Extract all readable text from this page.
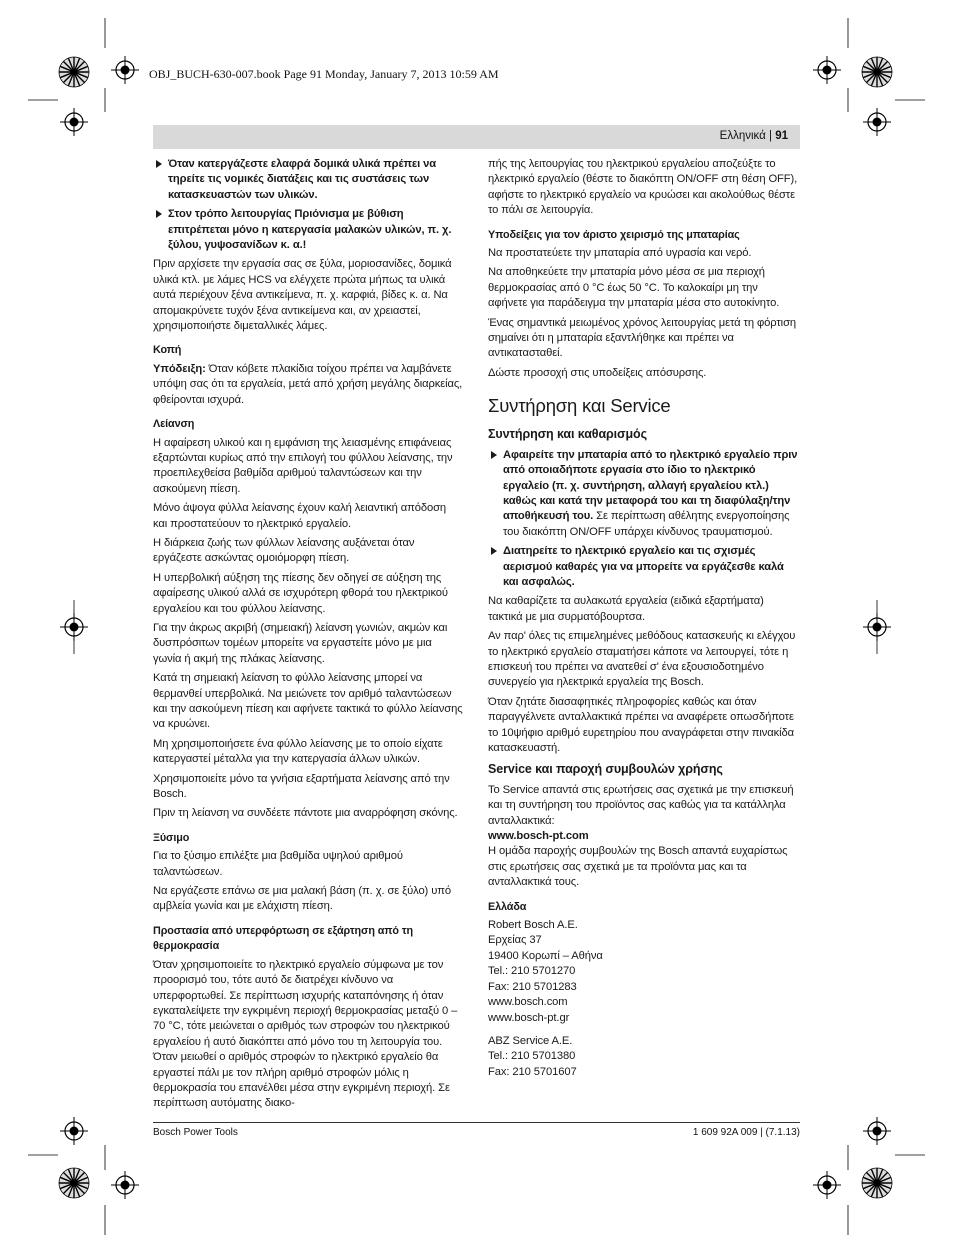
OBJ_BUCH-630-007.book Page 91 Monday, January 7, 2013 10:59 AM
Ελληνικά | 91
Όταν κατεργάζεστε ελαφρά δομικά υλικά πρέπει να τηρείτε τις νομικές διατάξεις και τις συστάσεις των κατασκευαστών των υλικών.
Στον τρόπο λειτουργίας Πριόνισμα με βύθιση επιτρέπεται μόνο η κατεργασία μαλακών υλικών, π. χ. ξύλου, γυψοσανίδων κ. α.!

Πριν αρχίσετε την εργασία σας σε ξύλα, μοριοσανίδες, δομικά υλικά κτλ. με λάμες HCS να ελέγχετε πρώτα μήπως τα υλικά αυτά περιέχουν ξένα αντικείμενα, π. χ. καρφιά, βίδες κ. α. Να απομακρύνετε τυχόν ξένα αντικείμενα και, αν χρειαστεί, χρησιμοποιήστε διμεταλλικές λάμες.

Κοπή

Υπόδειξη: Όταν κόβετε πλακίδια τοίχου πρέπει να λαμβάνετε υπόψη σας ότι τα εργαλεία, μετά από χρήση μεγάλης διαρκείας, φθείρονται ισχυρά.

Λείανση

Η αφαίρεση υλικού και η εμφάνιση της λειασμένης επιφάνειας εξαρτώνται κυρίως από την επιλογή του φύλλου λείανσης, την προεπιλεχθείσα βαθμίδα αριθμού ταλαντώσεων και την ασκούμενη πίεση.

Μόνο άψογα φύλλα λείανσης έχουν καλή λειαντική απόδοση και προστατεύουν το ηλεκτρικό εργαλείο.

Η διάρκεια ζωής των φύλλων λείανσης αυξάνεται όταν εργάζεστε ασκώντας ομοιόμορφη πίεση.

Η υπερβολική αύξηση της πίεσης δεν οδηγεί σε αύξηση της αφαίρεσης υλικού αλλά σε ισχυρότερη φθορά του ηλεκτρικού εργαλείου και του φύλλου λείανσης.

Για την άκρως ακριβή (σημειακή) λείανση γωνιών, ακμών και δυσπρόσιτων τομέων μπορείτε να εργαστείτε μόνο με μια γωνία ή ακμή της πλάκας λείανσης.

Κατά τη σημειακή λείανση το φύλλο λείανσης μπορεί να θερμανθεί υπερβολικά. Να μειώνετε τον αριθμό ταλαντώσεων και την ασκούμενη πίεση και αφήνετε τακτικά το φύλλο λείανσης να κρυώνει.

Μη χρησιμοποιήσετε ένα φύλλο λείανσης με το οποίο είχατε κατεργαστεί μέταλλα για την κατεργασία άλλων υλικών.

Χρησιμοποιείτε μόνο τα γνήσια εξαρτήματα λείανσης από την Bosch.

Πριν τη λείανση να συνδέετε πάντοτε μια αναρρόφηση σκόνης.

Ξύσιμο

Για το ξύσιμο επιλέξτε μια βαθμίδα υψηλού αριθμού ταλαντώσεων.

Να εργάζεστε επάνω σε μια μαλακή βάση (π. χ. σε ξύλο) υπό αμβλεία γωνία και με ελάχιστη πίεση.

Προστασία από υπερφόρτωση σε εξάρτηση από τη θερμοκρασία

Όταν χρησιμοποιείτε το ηλεκτρικό εργαλείο σύμφωνα με τον προορισμό του, τότε αυτό δε διατρέχει κίνδυνο να υπερφορτωθεί. Σε περίπτωση ισχυρής καταπόνησης ή όταν εγκαταλείψετε την εγκριμένη περιοχή θερμοκρασίας μεταξύ 0 – 70 °C, τότε μειώνεται ο αριθμός των στροφών του ηλεκτρικού εργαλείου ή αυτό διακόπτει από μόνο του τη λειτουργία του. Όταν μειωθεί ο αριθμός στροφών το ηλεκτρικό εργαλείο θα εργαστεί πάλι με τον πλήρη αριθμό στροφών μόλις η θερμοκρασία του επανέλθει μέσα στην εγκριμένη περιοχή. Σε περίπτωση αυτόματης διακο-

πής της λειτουργίας του ηλεκτρικού εργαλείου αποζεύξτε το ηλεκτρικό εργαλείο (θέστε το διακόπτη ON/OFF στη θέση OFF), αφήστε το ηλεκτρικό εργαλείο να κρυώσει και ακολούθως θέστε το πάλι σε λειτουργία.

Υποδείξεις για τον άριστο χειρισμό της μπαταρίας

Να προστατεύετε την μπαταρία από υγρασία και νερό.

Να αποθηκεύετε την μπαταρία μόνο μέσα σε μια περιοχή θερμοκρασίας από 0 °C έως 50 °C. Το καλοκαίρι μη την αφήνετε για παράδειγμα την μπαταρία μέσα στο αυτοκίνητο.

Ένας σημαντικά μειωμένος χρόνος λειτουργίας μετά τη φόρτιση σημαίνει ότι η μπαταρία εξαντλήθηκε και πρέπει να αντικατασταθεί.

Δώστε προσοχή στις υποδείξεις απόσυρσης.

Συντήρηση και Service
Συντήρηση και καθαρισμός
Αφαιρείτε την μπαταρία από το ηλεκτρικό εργαλείο πριν από οποιαδήποτε εργασία στο ίδιο το ηλεκτρικό εργαλείο (π. χ. συντήρηση, αλλαγή εργαλείου κτλ.) καθώς και κατά την μεταφορά του και τη διαφύλαξη/την αποθήκευσή του. Σε περίπτωση αθέλητης ενεργοποίησης του διακόπτη ON/OFF υπάρχει κίνδυνος τραυματισμού.
Διατηρείτε το ηλεκτρικό εργαλείο και τις σχισμές αερισμού καθαρές για να μπορείτε να εργάζεσθε καλά και ασφαλώς.

Να καθαρίζετε τα αυλακωτά εργαλεία (ειδικά εξαρτήματα) τακτικά με μια συρματόβουρτσα.

Αν παρ' όλες τις επιμελημένες μεθόδους κατασκευής κι ελέγχου το ηλεκτρικό εργαλείο σταματήσει κάποτε να λειτουργεί, τότε η επισκευή του πρέπει να ανατεθεί σ' ένα εξουσιοδοτημένο συνεργείο για ηλεκτρικά εργαλεία της Bosch.

Όταν ζητάτε διασαφητικές πληροφορίες καθώς και όταν παραγγέλνετε ανταλλακτικά πρέπει να αναφέρετε οπωσδήποτε το 10ψήφιο αριθμό ευρετηρίου που αναγράφεται στην πινακίδα κατασκευαστή.

Service και παροχή συμβουλών χρήσης

Το Service απαντά στις ερωτήσεις σας σχετικά με την επισκευή και τη συντήρηση του προϊόντος σας καθώς για τα κατάλληλα ανταλλακτικά:
www.bosch-pt.com

Η ομάδα παροχής συμβουλών της Bosch απαντά ευχαρίστως στις ερωτήσεις σας σχετικά με τα προϊόντα μας και τα ανταλλακτικά τους.

Ελλάδα
Robert Bosch A.E.
Ερχείας 37
19400 Κορωπί – Αθήνα
Tel.: 210 5701270
Fax: 210 5701283
www.bosch.com
www.bosch-pt.gr
ABZ Service A.E.
Tel.: 210 5701380
Fax: 210 5701607
Bosch Power Tools	1 609 92A 009 | (7.1.13)
